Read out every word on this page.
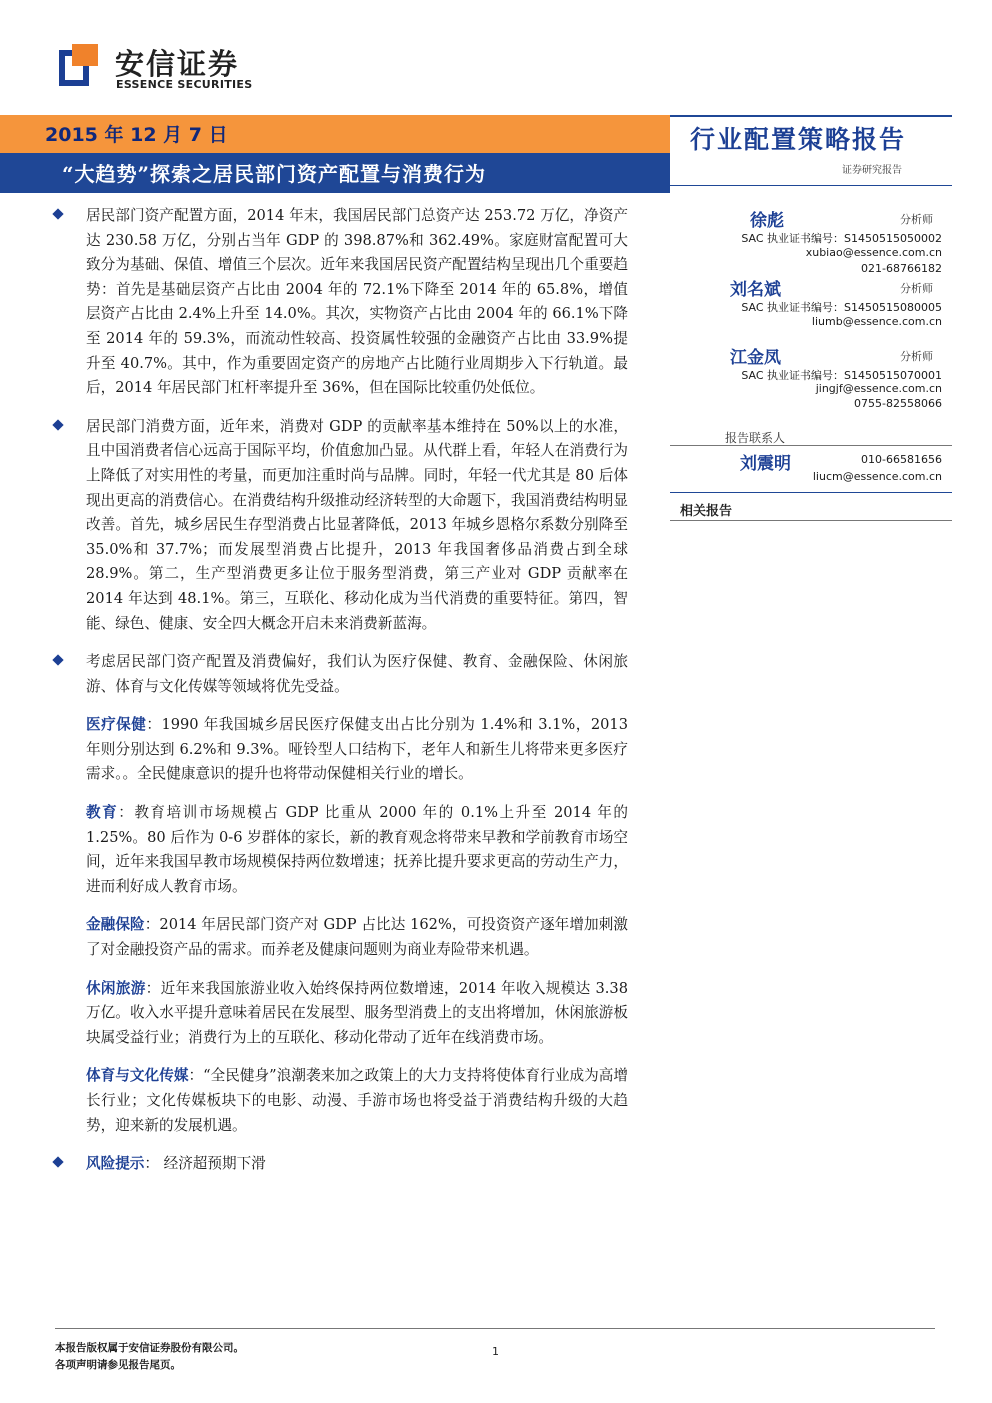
安信证券
ESSENCE SECURITIES
2015 年 12 月 7 日
“大趋势”探索之居民部门资产配置与消费行为
行业配置策略报告
证券研究报告

居民部门资产配置方面，2014 年末，我国居民部门总资产达 253.72 万亿，净资产达 230.58 万亿，分别占当年 GDP 的 398.87%和 362.49%。家庭财富配置可大致分为基础、保值、增值三个层次。近年来我国居民资产配置结构呈现出几个重要趋势：首先是基础层资产占比由 2004 年的 72.1%下降至 2014 年的 65.8%，增值层资产占比由 2.4%上升至 14.0%。其次，实物资产占比由 2004 年的 66.1%下降至 2014 年的 59.3%，而流动性较高、投资属性较强的金融资产占比由 33.9%提升至 40.7%。其中，作为重要固定资产的房地产占比随行业周期步入下行轨道。最后，2014 年居民部门杠杆率提升至 36%，但在国际比较重仍处低位。

居民部门消费方面，近年来，消费对 GDP 的贡献率基本维持在 50%以上的水准，且中国消费者信心远高于国际平均，价值愈加凸显。从代群上看，年轻人在消费行为上降低了对实用性的考量，而更加注重时尚与品牌。同时，年轻一代尤其是 80 后体现出更高的消费信心。在消费结构升级推动经济转型的大命题下，我国消费结构明显改善。首先，城乡居民生存型消费占比显著降低，2013 年城乡恩格尔系数分别降至 35.0%和 37.7%；而发展型消费占比提升，2013 年我国奢侈品消费占到全球 28.9%。第二，生产型消费更多让位于服务型消费，第三产业对 GDP 贡献率在 2014 年达到 48.1%。第三，互联化、移动化成为当代消费的重要特征。第四，智能、绿色、健康、安全四大概念开启未来消费新蓝海。

考虑居民部门资产配置及消费偏好，我们认为医疗保健、教育、金融保险、休闲旅游、体育与文化传媒等领域将优先受益。

医疗保健：1990 年我国城乡居民医疗保健支出占比分别为 1.4%和 3.1%，2013 年则分别达到 6.2%和 9.3%。哑铃型人口结构下，老年人和新生儿将带来更多医疗需求。。全民健康意识的提升也将带动保健相关行业的增长。

教育：教育培训市场规模占 GDP 比重从 2000 年的 0.1%上升至 2014 年的 1.25%。80 后作为 0-6 岁群体的家长，新的教育观念将带来早教和学前教育市场空间，近年来我国早教市场规模保持两位数增速；抚养比提升要求更高的劳动生产力，进而利好成人教育市场。

金融保险：2014 年居民部门资产对 GDP 占比达 162%，可投资资产逐年增加刺激了对金融投资产品的需求。而养老及健康问题则为商业寿险带来机遇。

休闲旅游：近年来我国旅游业收入始终保持两位数增速，2014 年收入规模达 3.38 万亿。收入水平提升意味着居民在发展型、服务型消费上的支出将增加，休闲旅游板块属受益行业；消费行为上的互联化、移动化带动了近年在线消费市场。

体育与文化传媒：“全民健身”浪潮袭来加之政策上的大力支持将使体育行业成为高增长行业；文化传媒板块下的电影、动漫、手游市场也将受益于消费结构升级的大趋势，迎来新的发展机遇。

风险提示： 经济超预期下滑

徐彪	分析师
SAC 执业证书编号：S1450515050002
xubiao@essence.com.cn
021-68766182
刘名斌	分析师
SAC 执业证书编号：S1450515080005
liumb@essence.com.cn
江金凤	分析师
SAC 执业证书编号：S1450515070001
jingjf@essence.com.cn
0755-82558066
报告联系人
刘震明	010-66581656
liucm@essence.com.cn
相关报告
本报告版权属于安信证券股份有限公司。
各项声明请参见报告尾页。
1
